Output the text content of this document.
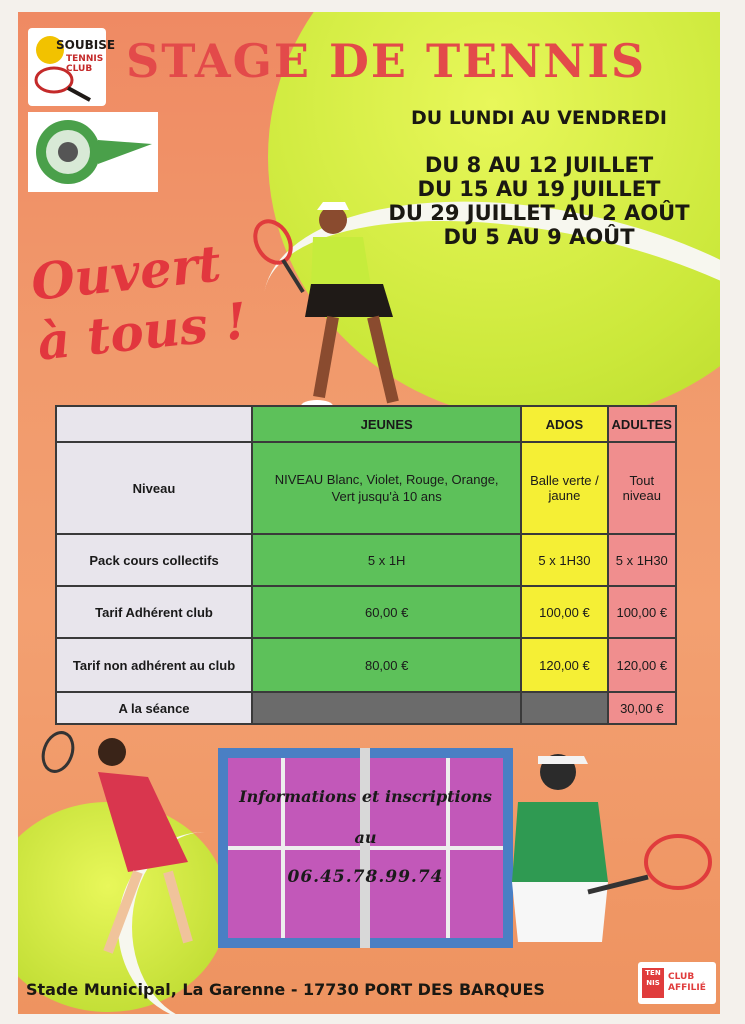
SOUBISE
TENNIS
CLUB STAGE DE TENNIS
DU LUNDI AU VENDREDI
DU 8 AU 12 JUILLET
DU 15 AU 19 JUILLET
DU 29 JUILLET AU 2 AOÛT
DU 5 AU 9 AOÛT
Ouvert
à tous !
	JEUNES	ADOS	ADULTES
Niveau	NIVEAU Blanc, Violet, Rouge, Orange, Vert jusqu'à 10 ans	Balle verte / jaune	Tout niveau
Pack cours collectifs	5 x 1H	5 x 1H30	5 x 1H30
Tarif Adhérent club	60,00 €	100,00 €	100,00 €
Tarif non adhérent au club	80,00 €	120,00 €	120,00 €
A la séance			30,00 €
Informations et inscriptions
au
06.45.78.99.74
Stade Municipal, La Garenne - 17730 PORT DES BARQUES
TEN
NIS
CLUB
AFFILIÉ
